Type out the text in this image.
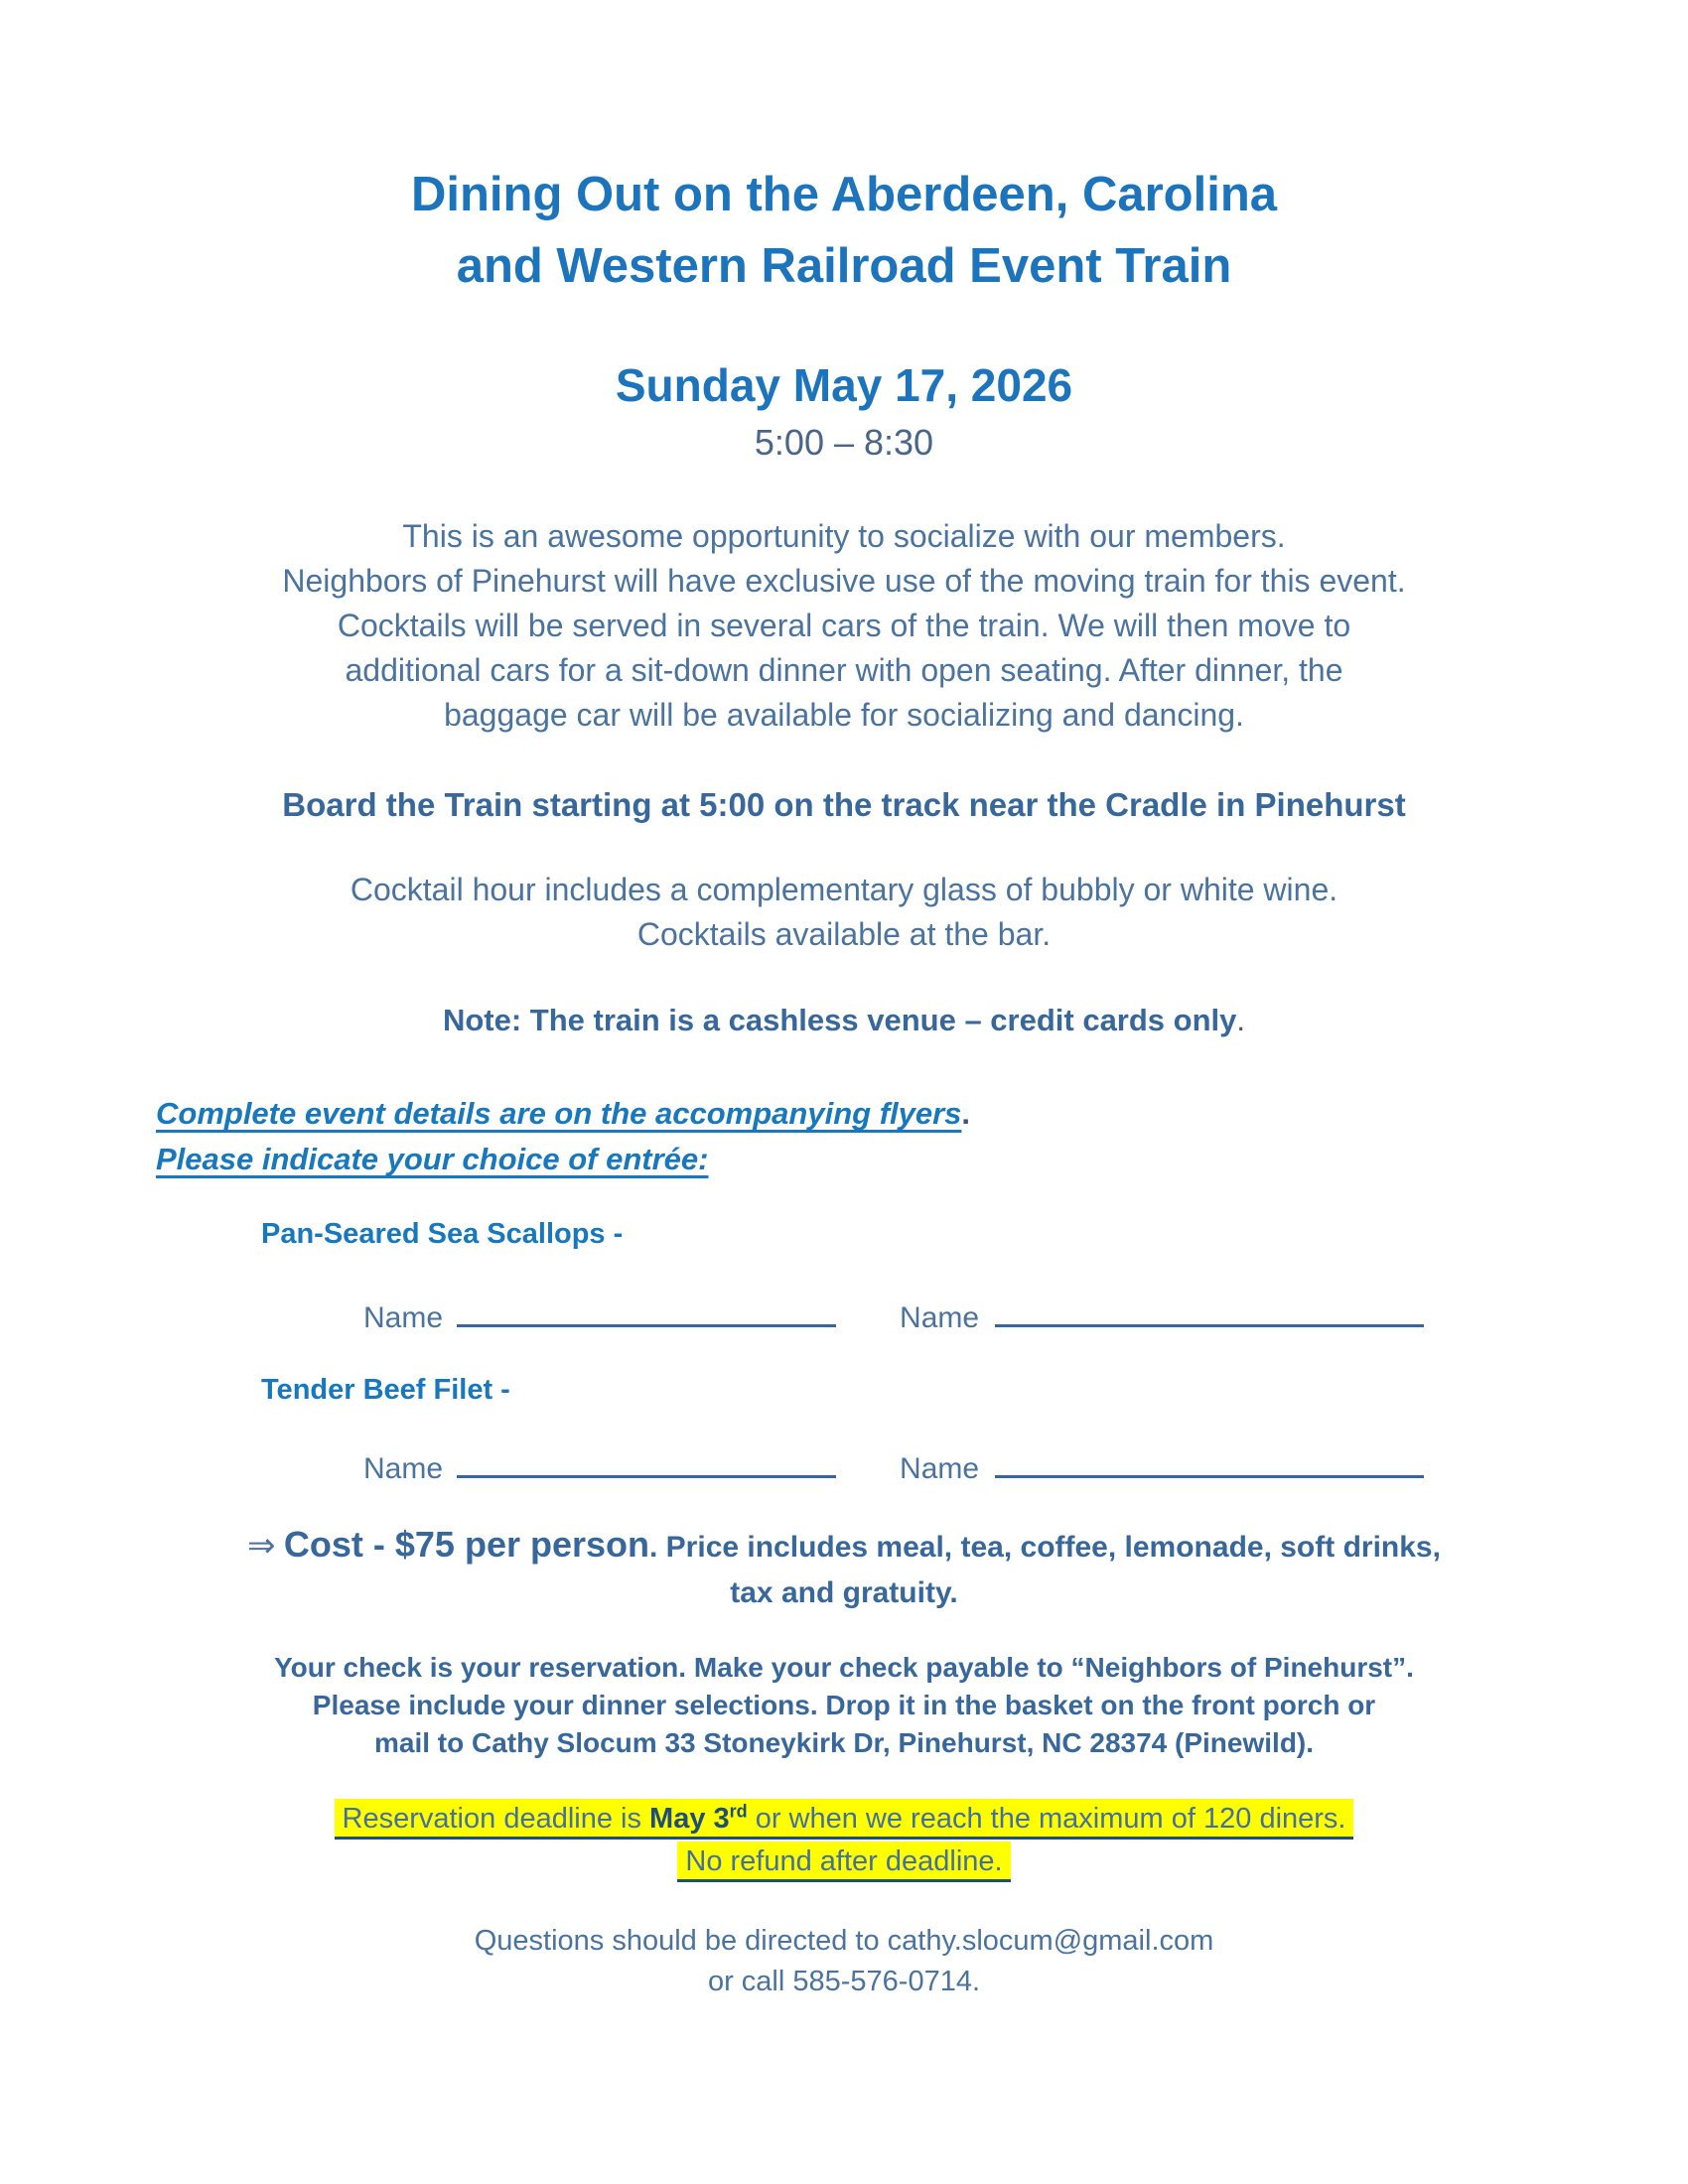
Dining Out on the Aberdeen, Carolina
and Western Railroad Event Train
Sunday May 17, 2026
5:00 – 8:30
This is an awesome opportunity to socialize with our members.
Neighbors of Pinehurst will have exclusive use of the moving train for this event.
Cocktails will be served in several cars of the train. We will then move to
additional cars for a sit-down dinner with open seating. After dinner, the
baggage car will be available for socializing and dancing.
Board the Train starting at 5:00 on the track near the Cradle in Pinehurst
Cocktail hour includes a complementary glass of bubbly or white wine.
Cocktails available at the bar.
Note: The train is a cashless venue – credit cards only.
Complete event details are on the accompanying flyers.
Please indicate your choice of entrée:
Pan-Seared Sea Scallops -
Name	Name
Tender Beef Filet -
Name	Name
⇒ Cost - $75 per person. Price includes meal, tea, coffee, lemonade, soft drinks,
tax and gratuity.
Your check is your reservation. Make your check payable to “Neighbors of Pinehurst”.
Please include your dinner selections. Drop it in the basket on the front porch or
mail to Cathy Slocum 33 Stoneykirk Dr, Pinehurst, NC 28374 (Pinewild).
Reservation deadline is May 3rd or when we reach the maximum of 120 diners.
No refund after deadline.
Questions should be directed to cathy.slocum@gmail.com
or call 585-576-0714.
